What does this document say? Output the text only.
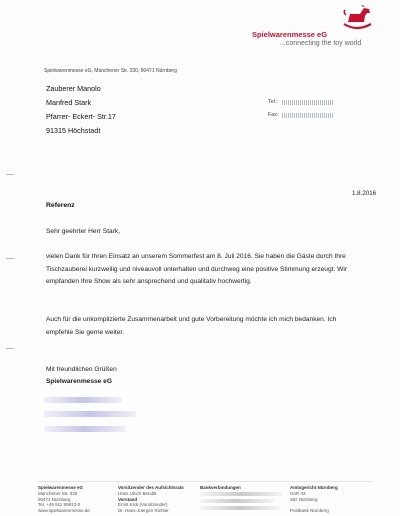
Spielwarenmesse eG
...connecting the toy world
Spielwarenmesse eG, Münchener Str. 330, 90471 Nürnberg
Zauberer Manolo
Manfred Stark
Pfarrer- Eckert- Str.17
91315 Höchstadt
Tel.:
Fax:
1.8.2016
Referenz
Sehr geehrter Herr Stark,
vielen Dank für Ihren Einsatz an unserem Sommerfest am 8. Juli 2016. Sie haben die Gäste durch Ihre Tischzauberei kurzweilig und niveauvoll unterhalten und durchweg eine positive Stimmung erzeugt. Wir empfanden Ihre Show als sehr ansprechend und qualitativ hochwertig.
Auch für die unkomplizierte Zusammenarbeit und gute Vorbereitung möchte ich mich bedanken. Ich empfehle Sie gerne weiter.
Mit freundlichen Grüßen
Spielwarenmesse eG
Spielwarenmesse eG
Münchener Str. 330
90471 Nürnberg
Tel. +49 911 99813-0
www.spielwarenmesse.de
Vorsitzender des Aufsichtsrats
Hans Ulrich Benditt
Vorstand
Ernst Kick (Vorsitzender)
Dr. Hans-Juergen Richter
Bankverbindungen	Amtsgericht Nürnberg
GnR 43
Sitz Nürnberg
Postbank Nürnberg
